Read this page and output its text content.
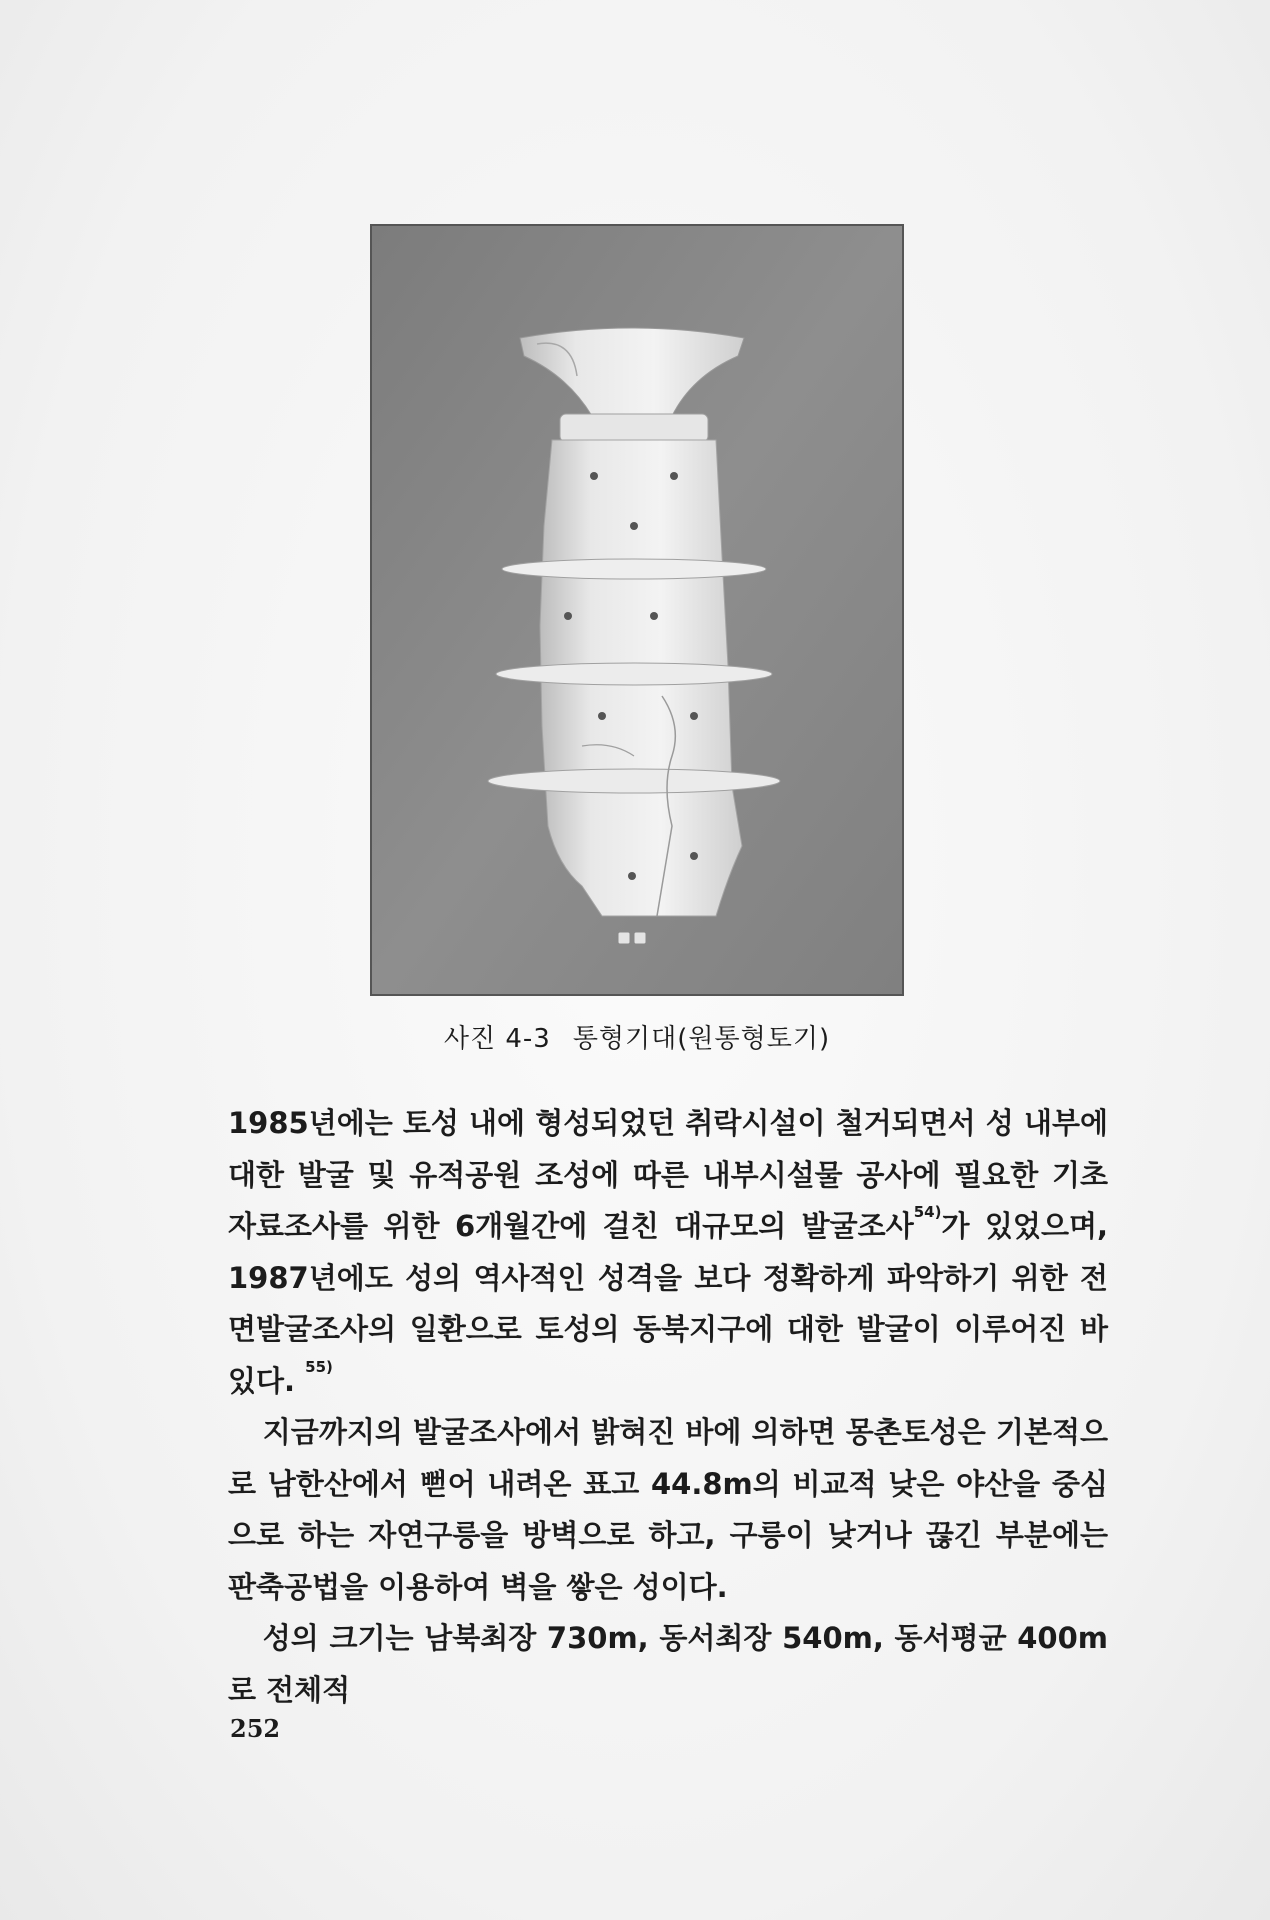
사진 4-3 통형기대(원통형토기)

1985년에는 토성 내에 형성되었던 취락시설이 철거되면서 성 내부에 대한 발굴 및 유적공원 조성에 따른 내부시설물 공사에 필요한 기초 자료조사를 위한 6개월간에 걸친 대규모의 발굴조사$^{54)}$가 있었으며, 1987년에도 성의 역사적인 성격을 보다 정확하게 파악하기 위한 전면발굴조사의 일환으로 토성의 동북지구에 대한 발굴이 이루어진 바 있다. $^{55)}$

지금까지의 발굴조사에서 밝혀진 바에 의하면 몽촌토성은 기본적으로 남한산에서 뻗어 내려온 표고 44.8m의 비교적 낮은 야산을 중심으로 하는 자연구릉을 방벽으로 하고, 구릉이 낮거나 끊긴 부분에는 판축공법을 이용하여 벽을 쌓은 성이다.

성의 크기는 남북최장 730m, 동서최장 540m, 동서평균 400m로 전체적

252
